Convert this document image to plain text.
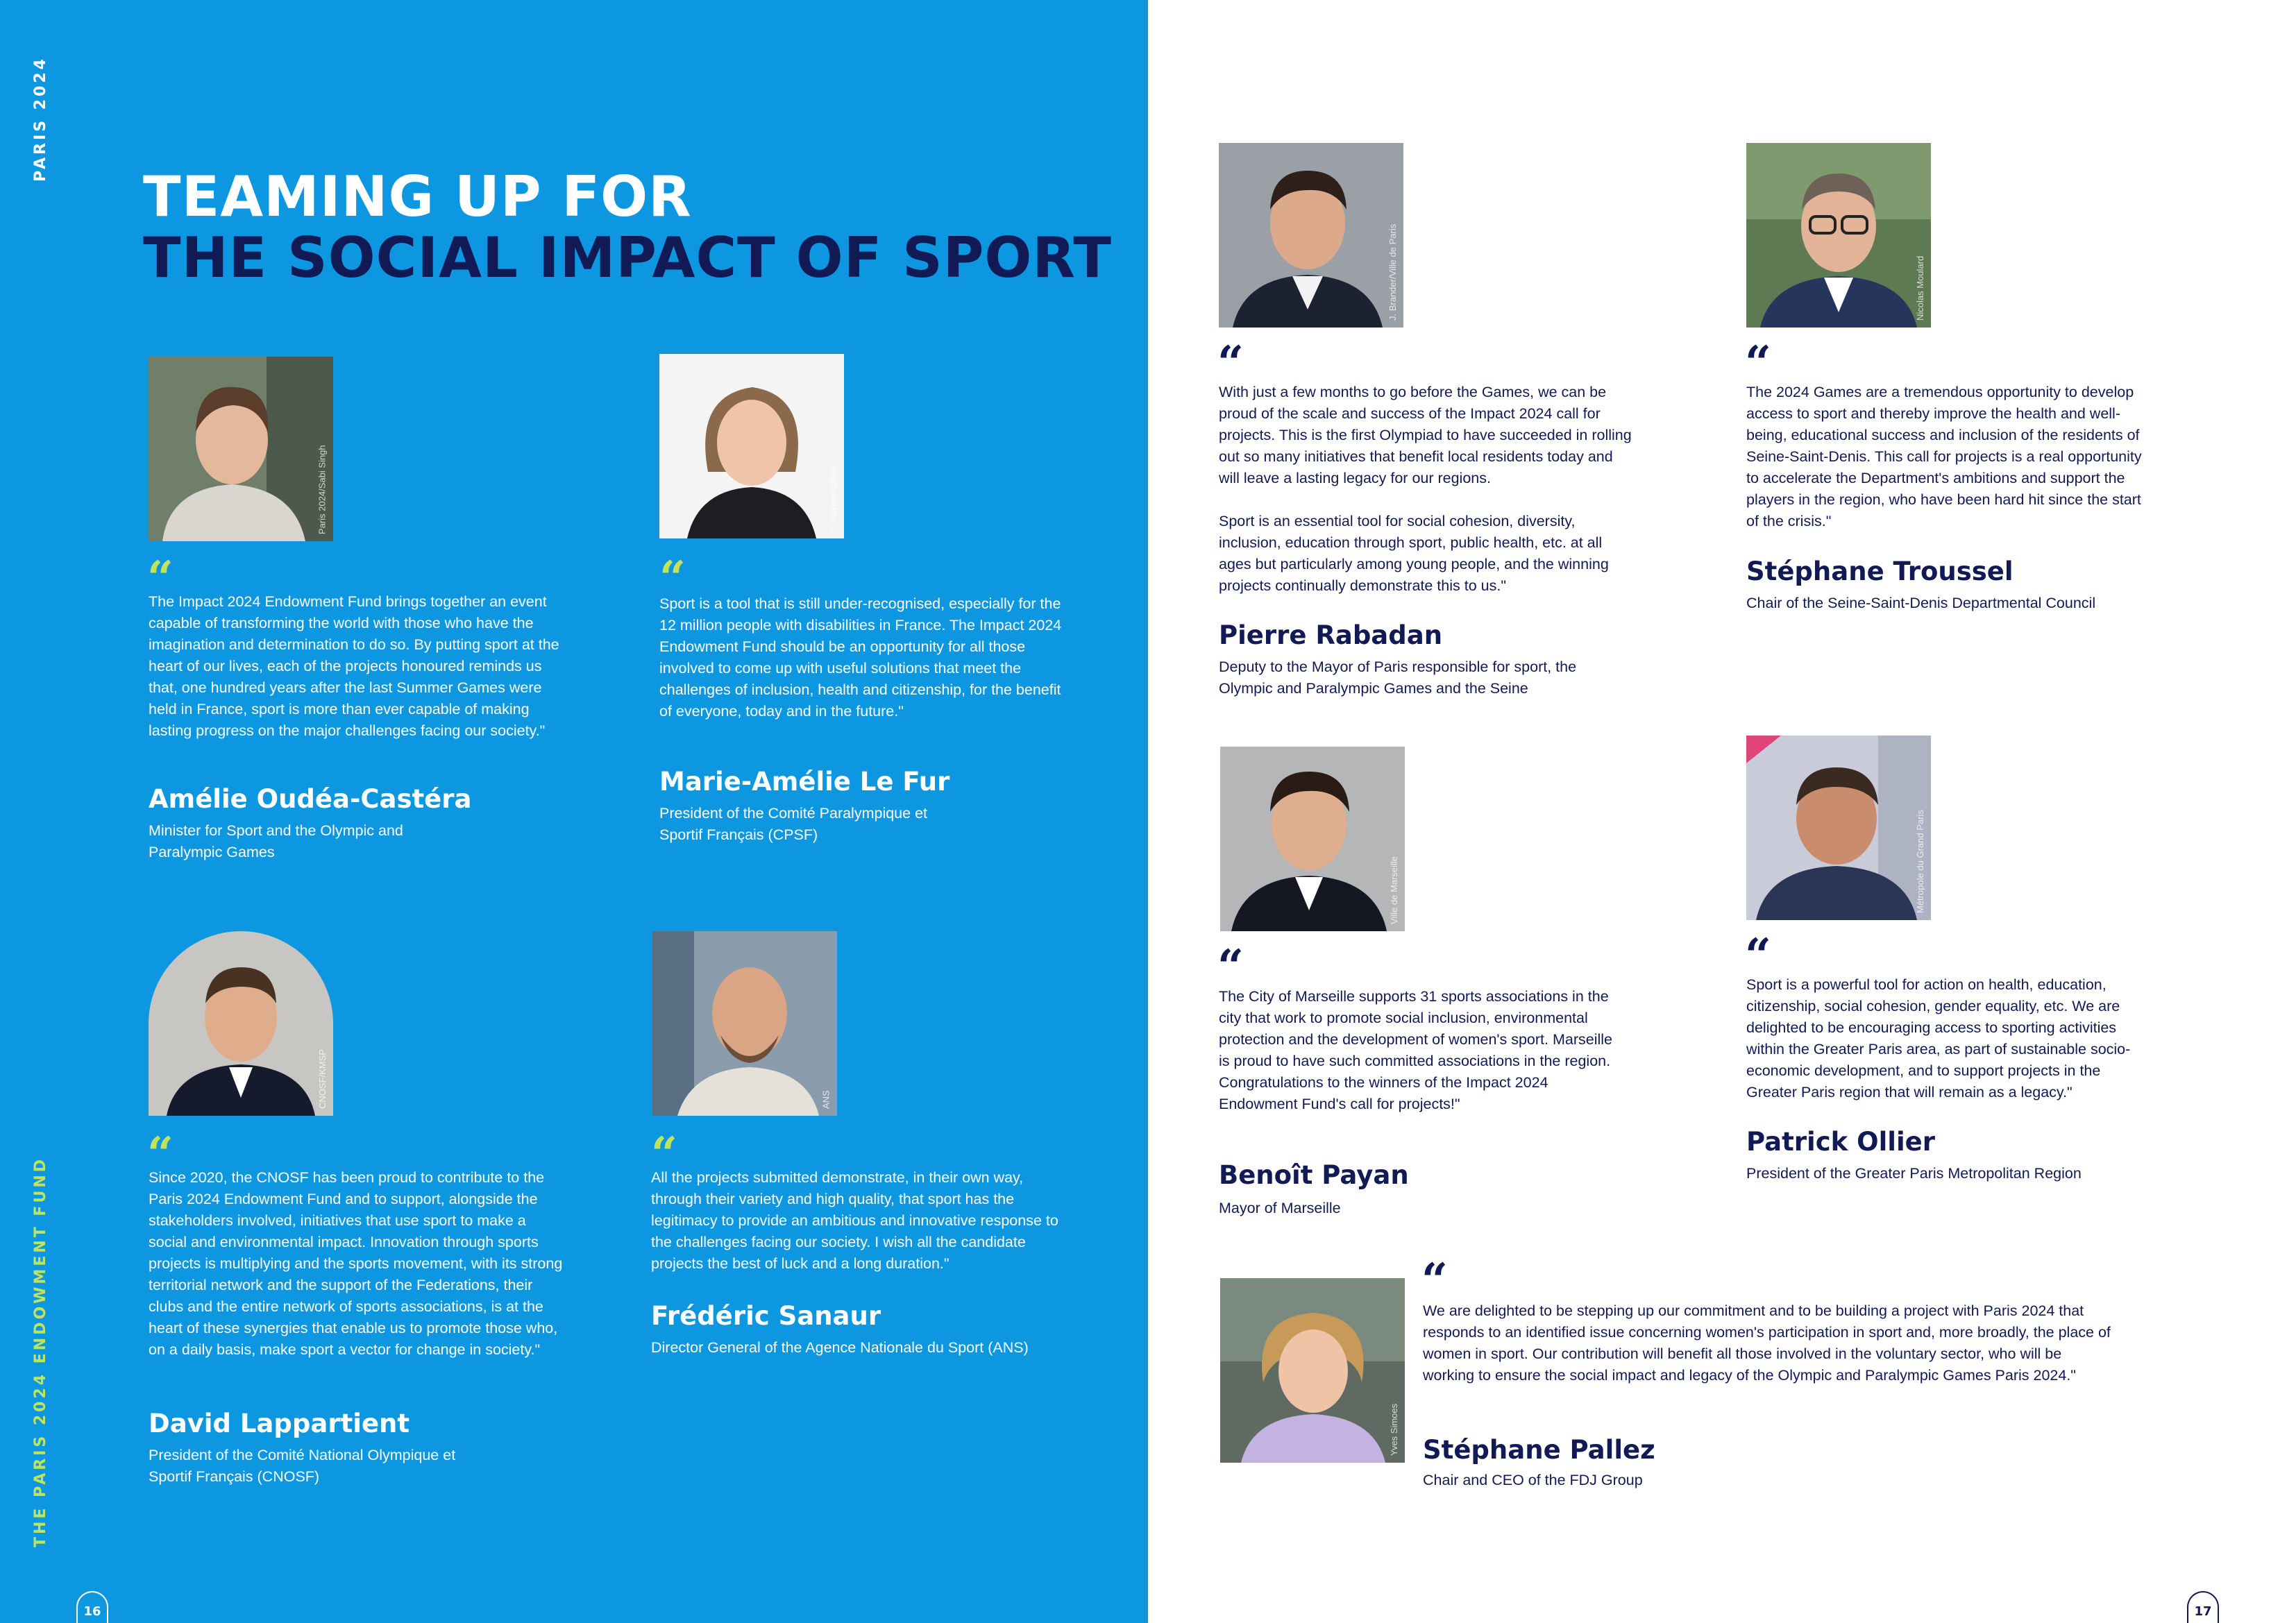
PARIS 2024
THE PARIS 2024 ENDOWMENT FUND
16	17
TEAMING UP FOR
THE SOCIAL IMPACT OF SPORT
Paris 2024/Sabi Singh
“

The Impact 2024 Endowment Fund brings together an event capable of transforming the world with those who have the imagination and determination to do so. By putting sport at the heart of our lives, each of the projects honoured reminds us that, one hundred years after the last Summer Games were held in France, sport is more than ever capable of making lasting progress on the major challenges facing our society."

Amélie Oudéa-Castéra

Minister for Sport and the Olympic and Paralympic Games

G. Mirand CPSF
“

Sport is a tool that is still under-recognised, especially for the 12 million people with disabilities in France. The Impact 2024 Endowment Fund should be an opportunity for all those involved to come up with useful solutions that meet the challenges of inclusion, health and citizenship, for the benefit of everyone, today and in the future."

Marie-Amélie Le Fur

President of the Comité Paralympique et Sportif Français (CPSF)

CNOSF/KMSP
“

Since 2020, the CNOSF has been proud to contribute to the Paris 2024 Endowment Fund and to support, alongside the stakeholders involved, initiatives that use sport to make a social and environmental impact. Innovation through sports projects is multiplying and the sports movement, with its strong territorial network and the support of the Federations, their clubs and the entire network of sports associations, is at the heart of these synergies that enable us to promote those who, on a daily basis, make sport a vector for change in society."

David Lappartient

President of the Comité National Olympique et Sportif Français (CNOSF)

ANS
“

All the projects submitted demonstrate, in their own way, through their variety and high quality, that sport has the legitimacy to provide an ambitious and innovative response to the challenges facing our society. I wish all the candidate projects the best of luck and a long duration."

Frédéric Sanaur

Director General of the Agence Nationale du Sport (ANS)

J. Brander/Ville de Paris
“

With just a few months to go before the Games, we can be proud of the scale and success of the Impact 2024 call for projects. This is the first Olympiad to have succeeded in rolling out so many initiatives that benefit local residents today and will leave a lasting legacy for our regions.

Sport is an essential tool for social cohesion, diversity, inclusion, education through sport, public health, etc. at all ages but particularly among young people, and the winning projects continually demonstrate this to us."

Pierre Rabadan

Deputy to the Mayor of Paris responsible for sport, the Olympic and Paralympic Games and the Seine

Nicolas Moulard
“

The 2024 Games are a tremendous opportunity to develop access to sport and thereby improve the health and well-being, educational success and inclusion of the residents of Seine-Saint-Denis. This call for projects is a real opportunity to accelerate the Department's ambitions and support the players in the region, who have been hard hit since the start of the crisis."

Stéphane Troussel

Chair of the Seine-Saint-Denis Departmental Council

Ville de Marseille
“

The City of Marseille supports 31 sports associations in the city that work to promote social inclusion, environmental protection and the development of women's sport. Marseille is proud to have such committed associations in the region. Congratulations to the winners of the Impact 2024 Endowment Fund's call for projects!"

Benoît Payan

Mayor of Marseille

Métropole du Grand Paris
“

Sport is a powerful tool for action on health, education, citizenship, social cohesion, gender equality, etc. We are delighted to be encouraging access to sporting activities within the Greater Paris area, as part of sustainable socio-economic development, and to support projects in the Greater Paris region that will remain as a legacy."

Patrick Ollier

President of the Greater Paris Metropolitan Region

Yves Simoes
“

We are delighted to be stepping up our commitment and to be building a project with Paris 2024 that responds to an identified issue concerning women's participation in sport and, more broadly, the place of women in sport. Our contribution will benefit all those involved in the voluntary sector, who will be working to ensure the social impact and legacy of the Olympic and Paralympic Games Paris 2024."

Stéphane Pallez

Chair and CEO of the FDJ Group
